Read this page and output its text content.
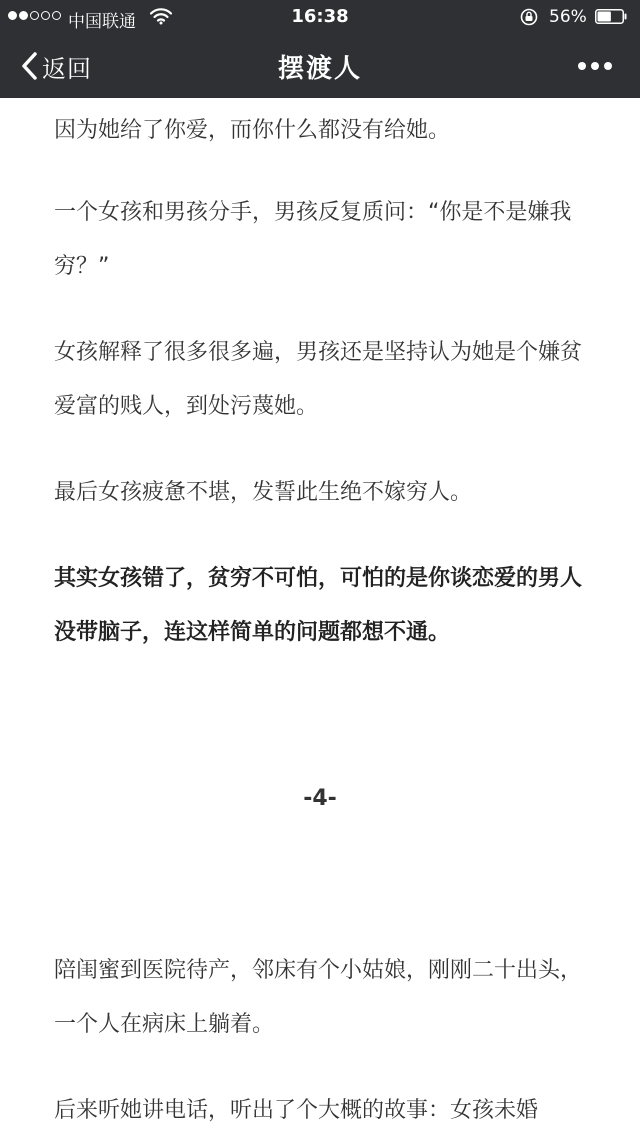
中国联通	16:38	56%
返回	摆渡人

因为她给了你爱，而你什么都没有给她。

一个女孩和男孩分手，男孩反复质问：“你是不是嫌我穷？”

女孩解释了很多很多遍，男孩还是坚持认为她是个嫌贫爱富的贱人，到处污蔑她。

最后女孩疲惫不堪，发誓此生绝不嫁穷人。

其实女孩错了，贫穷不可怕，可怕的是你谈恋爱的男人没带脑子，连这样简单的问题都想不通。

-4-

陪闺蜜到医院待产，邻床有个小姑娘，刚刚二十出头，一个人在病床上躺着。

后来听她讲电话，听出了个大概的故事：女孩未婚
